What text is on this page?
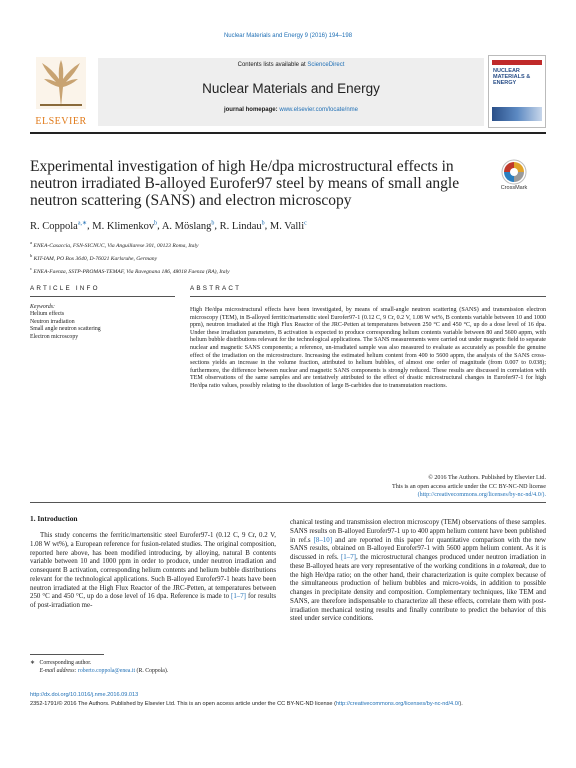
Nuclear Materials and Energy 9 (2016) 194–198
ELSEVIER
Contents lists available at ScienceDirect
Nuclear Materials and Energy
journal homepage: www.elsevier.com/locate/nme
NUCLEAR MATERIALS & ENERGY
Experimental investigation of high He/dpa microstructural effects in neutron irradiated B-alloyed Eurofer97 steel by means of small angle neutron scattering (SANS) and electron microscopy
CrossMark
R. Coppola$^{a,∗}$, M. Klimenkov$^b$, A. Möslang$^b$, R. Lindau$^b$, M. Valli$^c$
$^a$ ENEA-Casaccia, FSN-SICNUC, Via Anguillarese 301, 00123 Roma, Italy
$^b$ KIT-IAM, PO Box 3640, D-76021 Karlsruhe, Germany
$^c$ ENEA-Faenza, SSTP-PROMAS-TEMAF, Via Ravegnana 186, 48018 Faenza (RA), Italy
ARTICLE INFO	ABSTRACT
Keywords:
Helium effects
Neutron irradiation
Small angle neutron scattering
Electron microscopy
High He/dpa microstructural effects have been investigated, by means of small-angle neutron scattering (SANS) and transmission electron microscopy (TEM), in B-alloyed ferritic/martensitic steel Eurofer97-1 (0.12 C, 9 Cr, 0.2 V, 1.08 W wt%, B contents variable between 10 and 1000 ppm), neutron irradiated at the High Flux Reactor of the JRC-Petten at temperatures between 250 °C and 450 °C, up do a dose level of 16 dpa. Under these irradiation parameters, B activation is expected to produce corresponding helium contents variable between 80 and 5600 appm, with helium bubble distributions relevant for the technological applications. The SANS measurements were carried out under magnetic field to separate nuclear and magnetic SANS components; a reference, un-irradiated sample was also measured to evaluate as accurately as possible the genuine effect of the irradiation on the microstructure. Increasing the estimated helium content from 400 to 5600 appm, the analysis of the SANS cross-sections yields an increase in the volume fraction, attributed to helium bubbles, of almost one order of magnitude (from 0.007 to 0.038); furthermore, the difference between nuclear and magnetic SANS components is strongly reduced. These results are discussed in correlation with TEM observations of the same samples and are tentatively attributed to the effect of drastic microstructural changes in Eurofer97-1 for high He/dpa ratio values, possibly relating to the dissolution of large B-carbides due to transmutation reactions.
© 2016 The Authors. Published by Elsevier Ltd.
This is an open access article under the CC BY-NC-ND license
(http://creativecommons.org/licenses/by-nc-nd/4.0/).
1. Introduction
This study concerns the ferritic/martensitic steel Eurofer97-1 (0.12 C, 9 Cr, 0.2 V, 1.08 W wt%), a European reference for fusion-related studies. The original composition, reported here above, has been modified introducing, by alloying, natural B contents variable between 10 and 1000 ppm in order to produce, under neutron irradiation and consequent B activation, corresponding helium contents and helium bubble distributions relevant for the technological applications. Such B-alloyed Eurofer97-1 heats have been neutron irradiated at the High Flux Reactor of the JRC-Petten, at temperatures between 250 °C and 450 °C, up do a dose level of 16 dpa. Reference is made to [1–7] for results of post-irradiation me-
chanical testing and transmission electron microscopy (TEM) observations of these samples. SANS results on B-alloyed Eurofer97-1 up to 400 appm helium content have been published in ref.s [8–10] and are reported in this paper for quantitative comparison with the new SANS results, obtained on B-alloyed Eurofer97-1 with 5600 appm helium content. As it is discussed in refs. [1–7], the microstructural changes produced under neutron irradiation in these B-alloyed heats are very representative of the working conditions in a tokamak, due to the high He/dpa ratio; on the other hand, their characterization is quite complex because of the simultaneous production of helium bubbles and micro-voids, in addition to possible changes in precipitate density and composition. Complementary techniques, like TEM and SANS, are therefore indispensable to characterize all these effects, correlate them with post-irradiation mechanical testing results and finally contribute to predict the behavior of this steel under service conditions.
∗ Corresponding author.
E-mail address: roberto.coppola@enea.it (R. Coppola).
http://dx.doi.org/10.1016/j.nme.2016.09.013
2352-1791/© 2016 The Authors. Published by Elsevier Ltd. This is an open access article under the CC BY-NC-ND license (http://creativecommons.org/licenses/by-nc-nd/4.0/).
